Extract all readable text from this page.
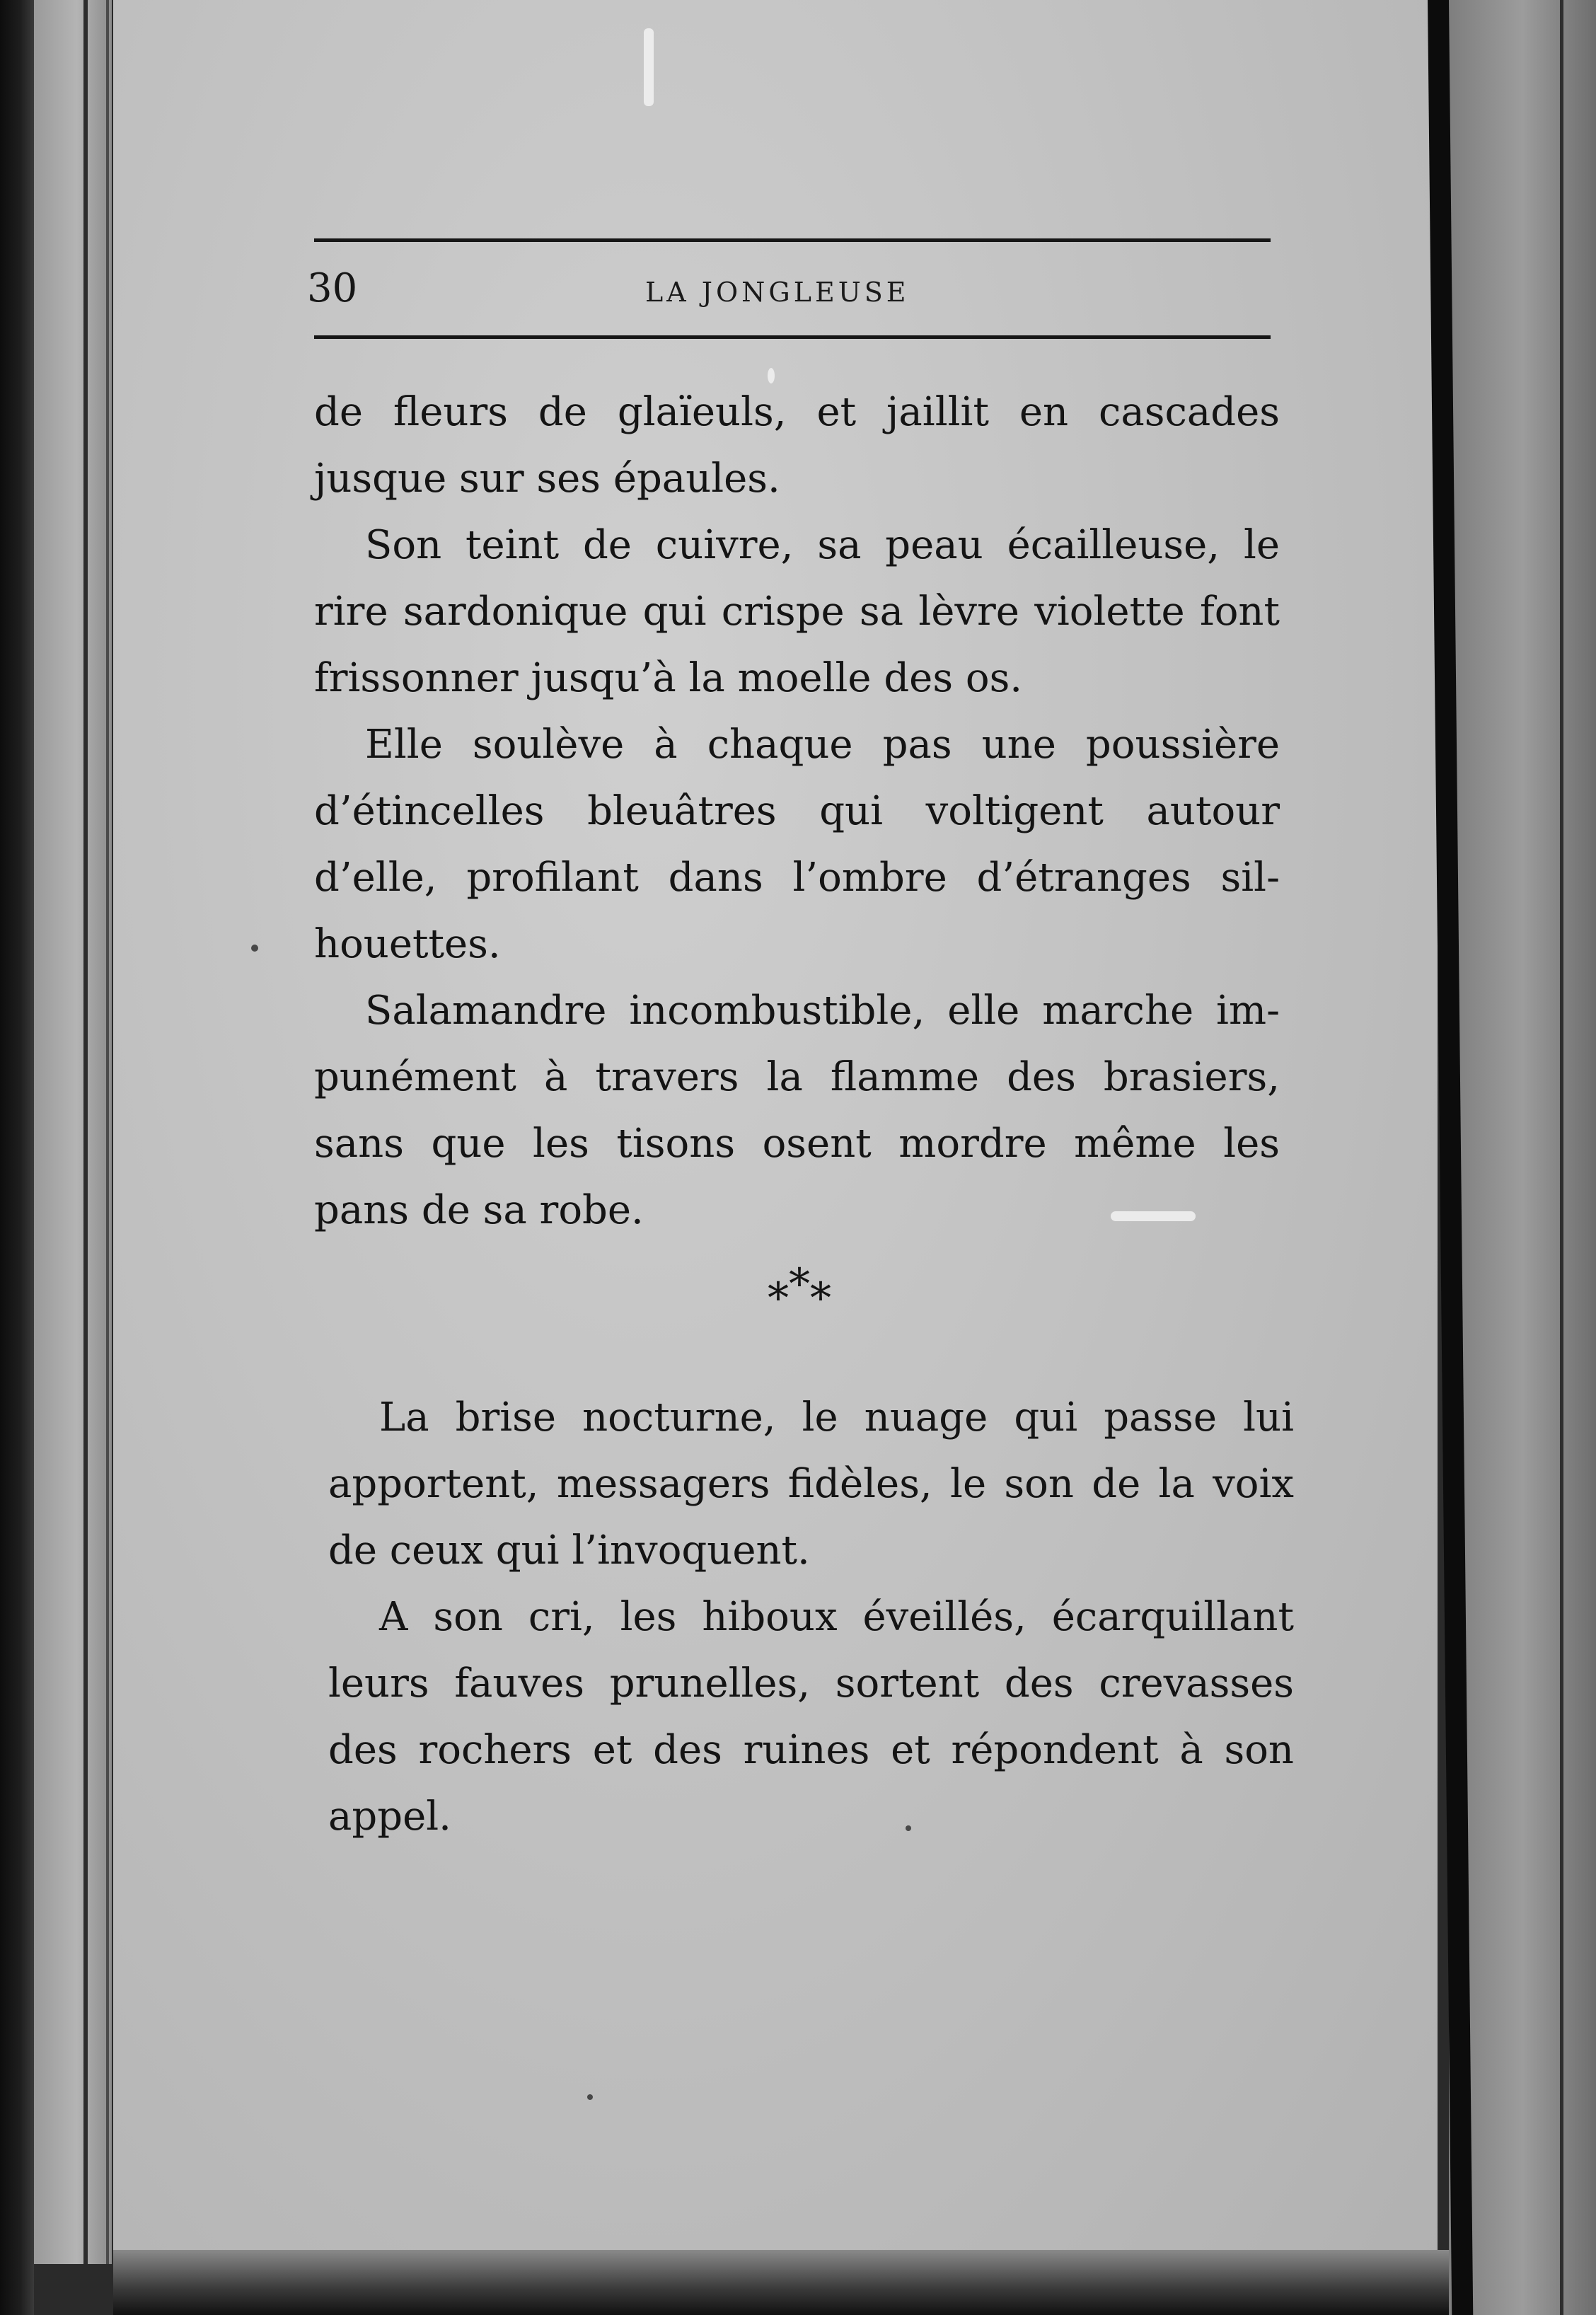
30	LA JONGLEUSE

de fleurs de glaïeuls, et jaillit en cascades jusque sur ses épaules.

Son teint de cuivre, sa peau écailleuse, le rire sardonique qui crispe sa lèvre violette font frissonner jusqu’à la moelle des os.

Elle soulève à chaque pas une poussière d’étincelles bleuâtres qui voltigent autour d’elle, profilant dans l’ombre d’étranges silhouettes.

Salamandre incombustible, elle marche impunément à travers la flamme des brasiers, sans que les tisons osent mordre même les pans de sa robe.

***

La brise nocturne, le nuage qui passe lui apportent, messagers fidèles, le son de la voix de ceux qui l’invoquent.

A son cri, les hiboux éveillés, écarquillant leurs fauves prunelles, sortent des crevasses des rochers et des ruines et répondent à son appel.
